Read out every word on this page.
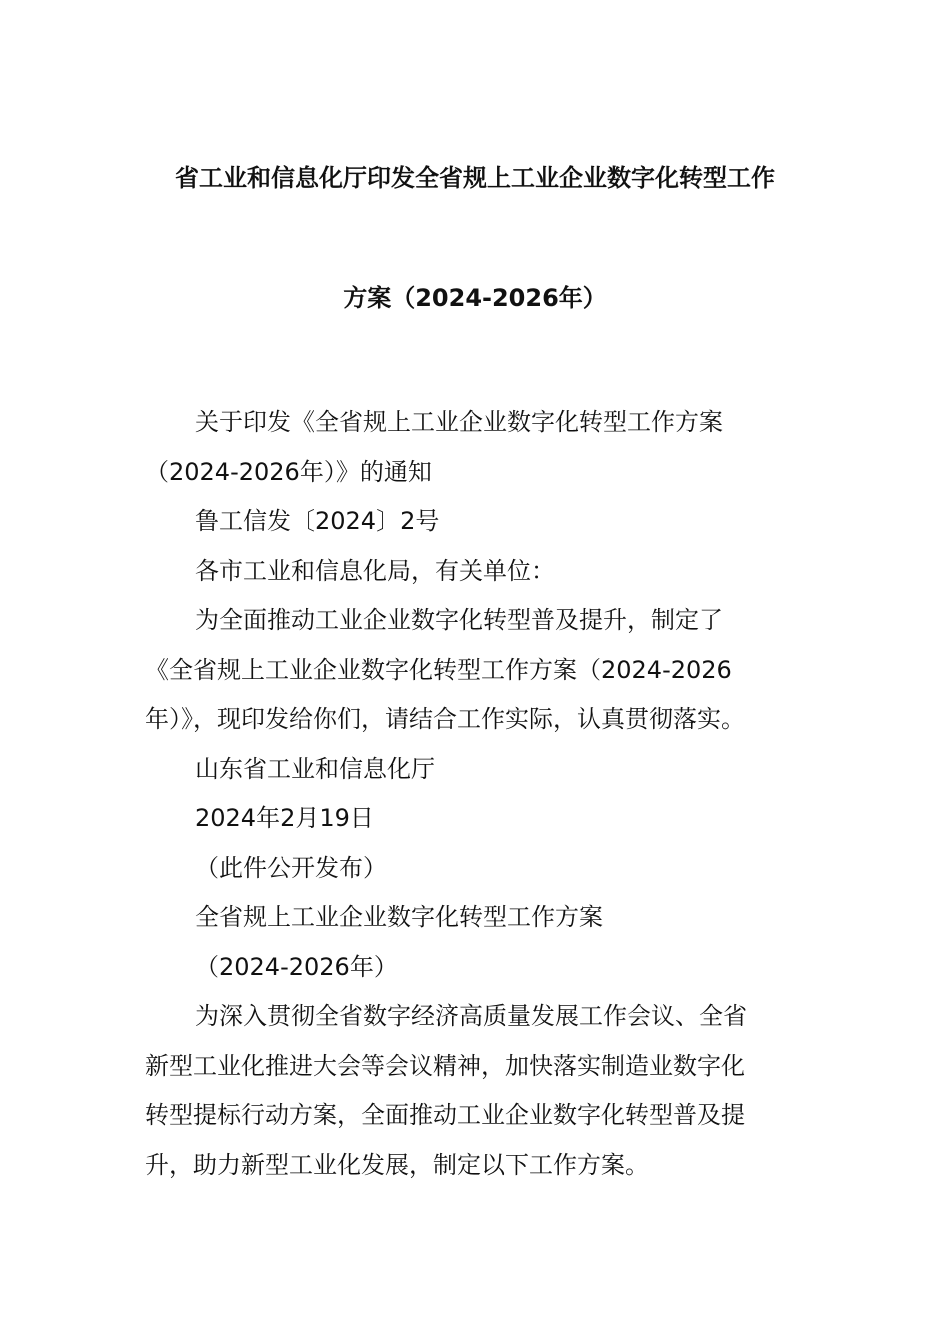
省工业和信息化厅印发全省规上工业企业数字化转型工作
方案（2024-2026年）
关于印发《全省规上工业企业数字化转型工作方案
（2024-2026年）》的通知
鲁工信发〔2024〕2号
各市工业和信息化局，有关单位：
为全面推动工业企业数字化转型普及提升，制定了
《全省规上工业企业数字化转型工作方案（2024-2026
年）》，现印发给你们，请结合工作实际，认真贯彻落实。
山东省工业和信息化厅
2024年2月19日
（此件公开发布）
全省规上工业企业数字化转型工作方案
（2024-2026年）
为深入贯彻全省数字经济高质量发展工作会议、全省
新型工业化推进大会等会议精神，加快落实制造业数字化
转型提标行动方案，全面推动工业企业数字化转型普及提
升，助力新型工业化发展，制定以下工作方案。
